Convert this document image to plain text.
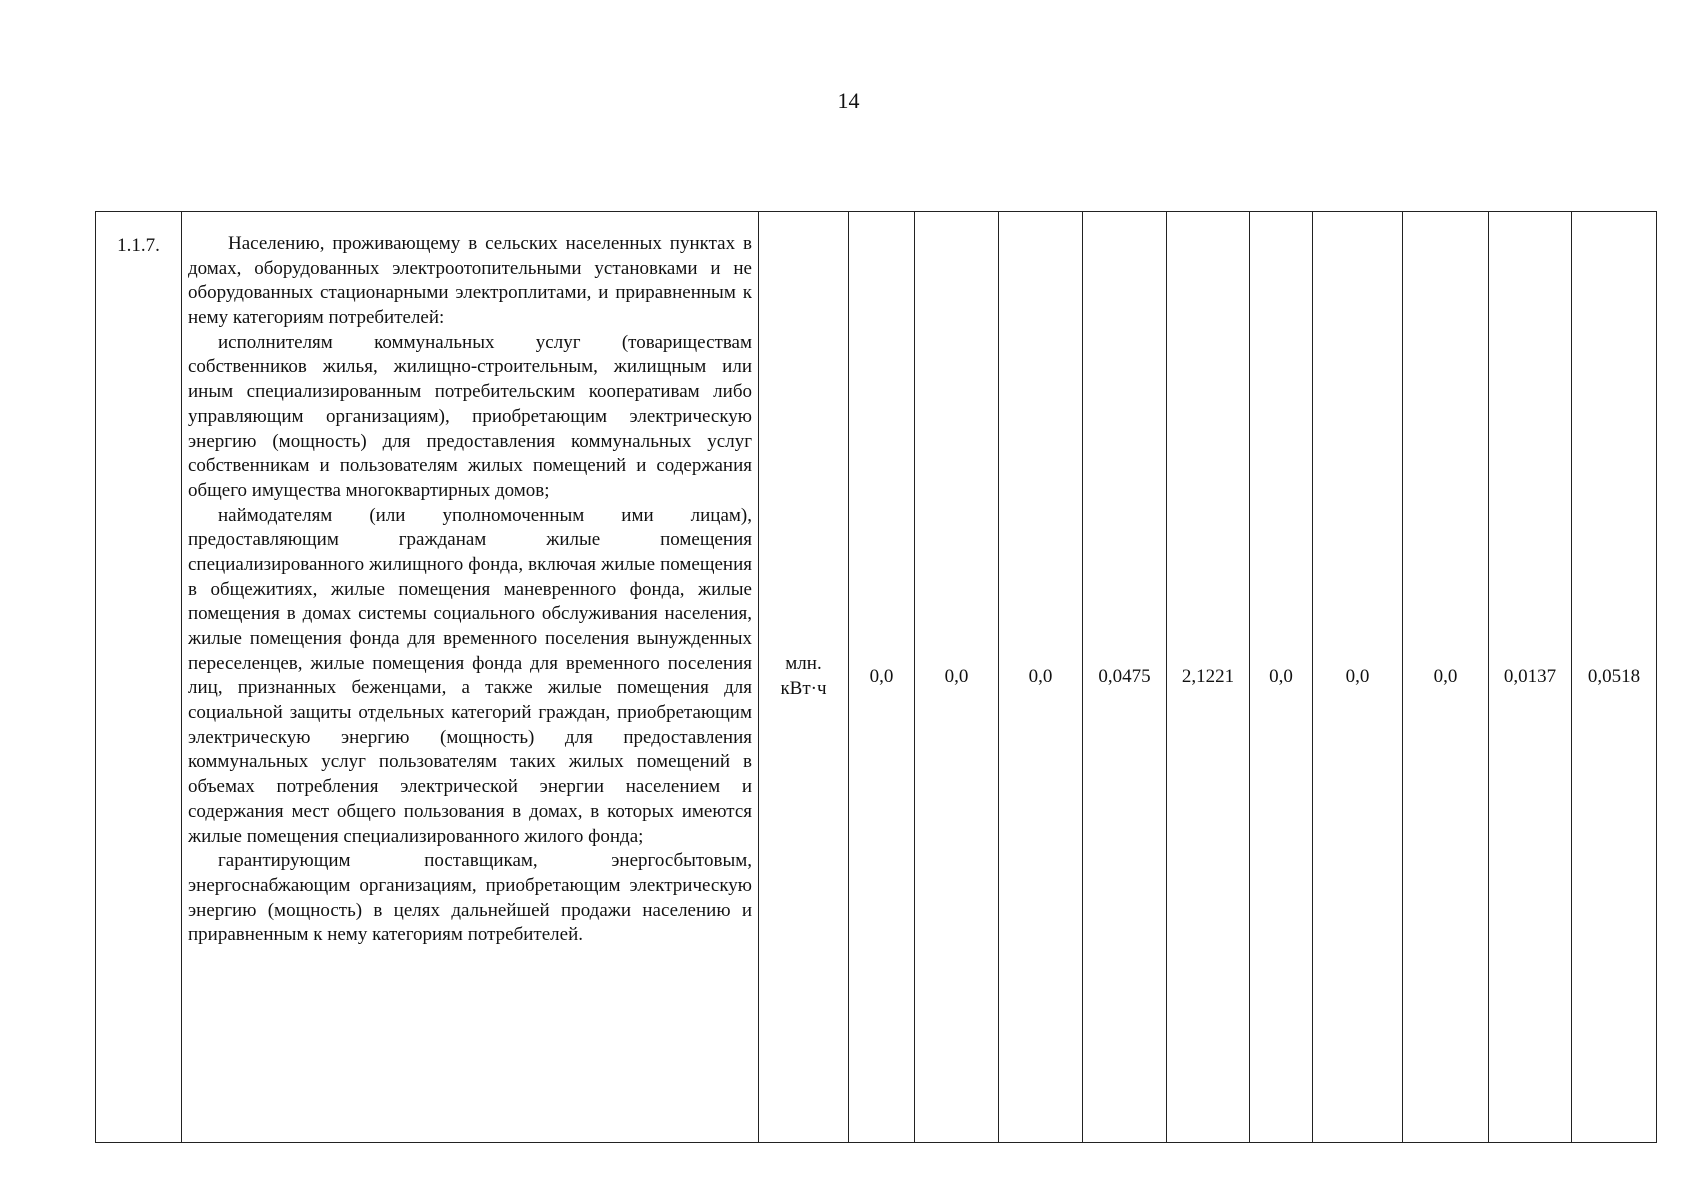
14
1.1.7.	Населению, проживающему в сельских населенных пунктах в домах, оборудованных электроотопительными установками и не оборудованных стационарными электроплитами, и приравненным к нему категориям потребителей:

исполнителям коммунальных услуг (товариществам собственников жилья, жилищно-строительным, жилищным или иным специализированным потребительским кооперативам либо управляющим организациям), приобретающим электрическую энергию (мощность) для предоставления коммунальных услуг собственникам и пользователям жилых помещений и содержания общего имущества многоквартирных домов;

наймодателям (или уполномоченным ими лицам), предоставляющим гражданам жилые помещения специализированного жилищного фонда, включая жилые помещения в общежитиях, жилые помещения маневренного фонда, жилые помещения в домах системы социального обслуживания населения, жилые помещения фонда для временного поселения вынужденных переселенцев, жилые помещения фонда для временного поселения лиц, признанных беженцами, а также жилые помещения для социальной защиты отдельных категорий граждан, приобретающим электрическую энергию (мощность) для предоставления коммунальных услуг пользователям таких жилых помещений в объемах потребления электрической энергии населением и содержания мест общего пользования в домах, в которых имеются жилые помещения специализированного жилого фонда;

гарантирующим поставщикам, энергосбытовым, энергоснабжающим организациям, приобретающим электрическую энергию (мощность) в целях дальнейшей продажи населению и приравненным к нему категориям потребителей.

	млн.
кВт·ч	0,0	0,0	0,0	0,0475	2,1221	0,0	0,0	0,0	0,0137	0,0518
